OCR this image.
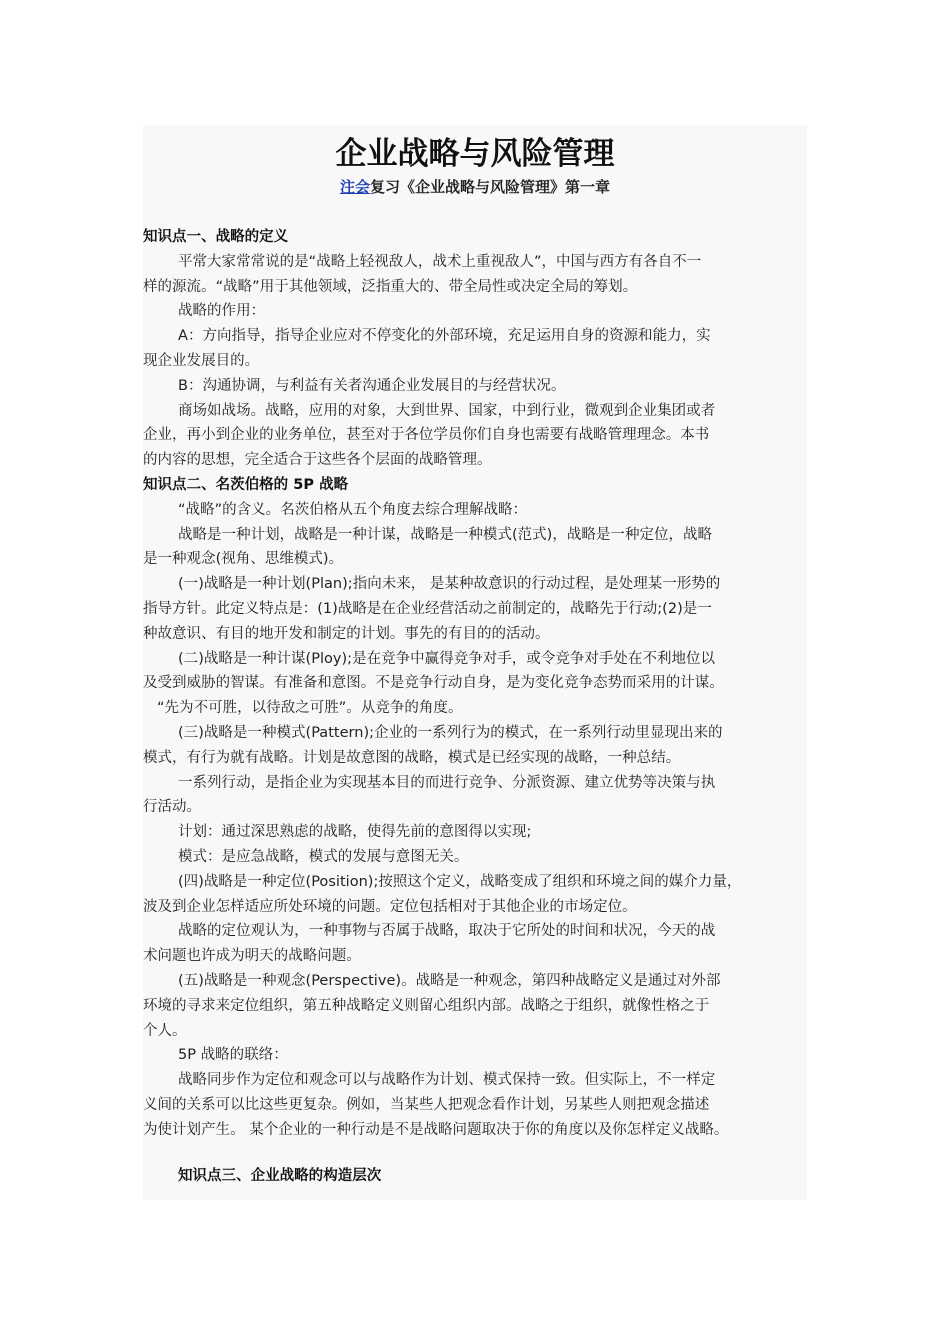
企业战略与风险管理
注会复习《企业战略与风险管理》第一章

知识点一、战略的定义

平常大家常常说的是“战略上轻视敌人，战术上重视敌人”，中国与西方有各自不一

样的源流。“战略”用于其他领域，泛指重大的、带全局性或决定全局的筹划。

战略的作用：

A：方向指导，指导企业应对不停变化的外部环境，充足运用自身的资源和能力，实

现企业发展目的。

B：沟通协调，与利益有关者沟通企业发展目的与经营状况。

商场如战场。战略，应用的对象，大到世界、国家，中到行业，微观到企业集团或者

企业，再小到企业的业务单位，甚至对于各位学员你们自身也需要有战略管理理念。本书

的内容的思想，完全适合于这些各个层面的战略管理。

知识点二、名茨伯格的 5P 战略

“战略”的含义。名茨伯格从五个角度去综合理解战略：

战略是一种计划，战略是一种计谋，战略是一种模式(范式)，战略是一种定位，战略

是一种观念(视角、思维模式)。

(一)战略是一种计划(Plan);指向未来， 是某种故意识的行动过程，是处理某一形势的

指导方针。此定义特点是：(1)战略是在企业经营活动之前制定的，战略先于行动;(2)是一

种故意识、有目的地开发和制定的计划。事先的有目的的活动。

(二)战略是一种计谋(Ploy);是在竞争中赢得竞争对手，或令竞争对手处在不利地位以

及受到威胁的智谋。有准备和意图。不是竞争行动自身，是为变化竞争态势而采用的计谋。

“先为不可胜，以待敌之可胜”。从竞争的角度。

(三)战略是一种模式(Pattern);企业的一系列行为的模式，在一系列行动里显现出来的

模式，有行为就有战略。计划是故意图的战略，模式是已经实现的战略，一种总结。

一系列行动，是指企业为实现基本目的而进行竞争、分派资源、建立优势等决策与执

行活动。

计划：通过深思熟虑的战略，使得先前的意图得以实现;

模式：是应急战略，模式的发展与意图无关。

(四)战略是一种定位(Position);按照这个定义，战略变成了组织和环境之间的媒介力量，

波及到企业怎样适应所处环境的问题。定位包括相对于其他企业的市场定位。

战略的定位观认为，一种事物与否属于战略，取决于它所处的时间和状况，今天的战

术问题也许成为明天的战略问题。

(五)战略是一种观念(Perspective)。战略是一种观念，第四种战略定义是通过对外部

环境的寻求来定位组织，第五种战略定义则留心组织内部。战略之于组织，就像性格之于

个人。

5P 战略的联络：

战略同步作为定位和观念可以与战略作为计划、模式保持一致。但实际上，不一样定

义间的关系可以比这些更复杂。例如，当某些人把观念看作计划，另某些人则把观念描述

为使计划产生。 某个企业的一种行动是不是战略问题取决于你的角度以及你怎样定义战略。

知识点三、企业战略的构造层次
